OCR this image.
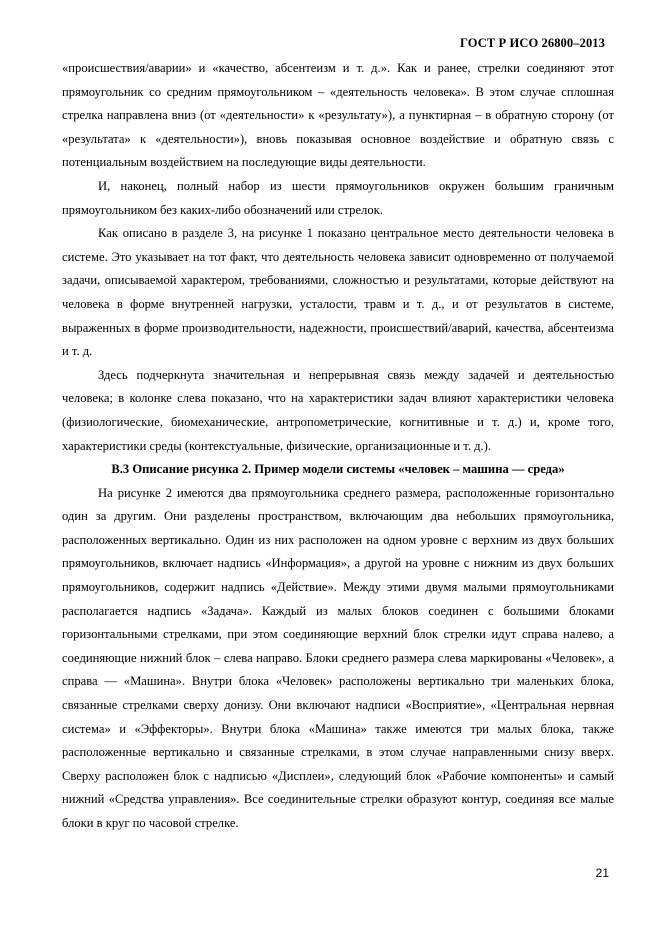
ГОСТ Р ИСО 26800–2013

«происшествия/аварии» и «качество, абсентеизм и т. д.». Как и ранее, стрелки соединяют этот прямоугольник со средним прямоугольником – «деятельность человека». В этом случае сплошная стрелка направлена вниз (от «деятельности» к «результату»), а пунктирная – в обратную сторону (от «результата» к «деятельности»), вновь показывая основное воздействие и обратную связь с потенциальным воздействием на последующие виды деятельности.

И, наконец, полный набор из шести прямоугольников окружен большим граничным прямоугольником без каких-либо обозначений или стрелок.

Как описано в разделе 3, на рисунке 1 показано центральное место деятельности человека в системе. Это указывает на тот факт, что деятельность человека зависит одновременно от получаемой задачи, описываемой характером, требованиями, сложностью и результатами, которые действуют на человека в форме внутренней нагрузки, усталости, травм и т. д., и от результатов в системе, выраженных в форме производительности, надежности, происшествий/аварий, качества, абсентеизма и т. д.

Здесь подчеркнута значительная и непрерывная связь между задачей и деятельностью человека; в колонке слева показано, что на характеристики задач влияют характеристики человека (физиологические, биомеханические, антропометрические, когнитивные и т. д.) и, кроме того, характеристики среды (контекстуальные, физические, организационные и т. д.).

В.3 Описание рисунка 2. Пример модели системы «человек – машина — среда»

На рисунке 2 имеются два прямоугольника среднего размера, расположенные горизонтально один за другим. Они разделены пространством, включающим два небольших прямоугольника, расположенных вертикально. Один из них расположен на одном уровне с верхним из двух больших прямоугольников, включает надпись «Информация», а другой на уровне с нижним из двух больших прямоугольников, содержит надпись «Действие». Между этими двумя малыми прямоугольниками располагается надпись «Задача». Каждый из малых блоков соединен с большими блоками горизонтальными стрелками, при этом соединяющие верхний блок стрелки идут справа налево, а соединяющие нижний блок – слева направо. Блоки среднего размера слева маркированы «Человек», а справа — «Машина». Внутри блока «Человек» расположены вертикально три маленьких блока, связанные стрелками сверху донизу. Они включают надписи «Восприятие», «Центральная нервная система» и «Эффекторы». Внутри блока «Машина» также имеются три малых блока, также расположенные вертикально и связанные стрелками, в этом случае направленными снизу вверх. Сверху расположен блок с надписью «Дисплеи», следующий блок «Рабочие компоненты» и самый нижний «Средства управления». Все соединительные стрелки образуют контур, соединяя все малые блоки в круг по часовой стрелке.

21
